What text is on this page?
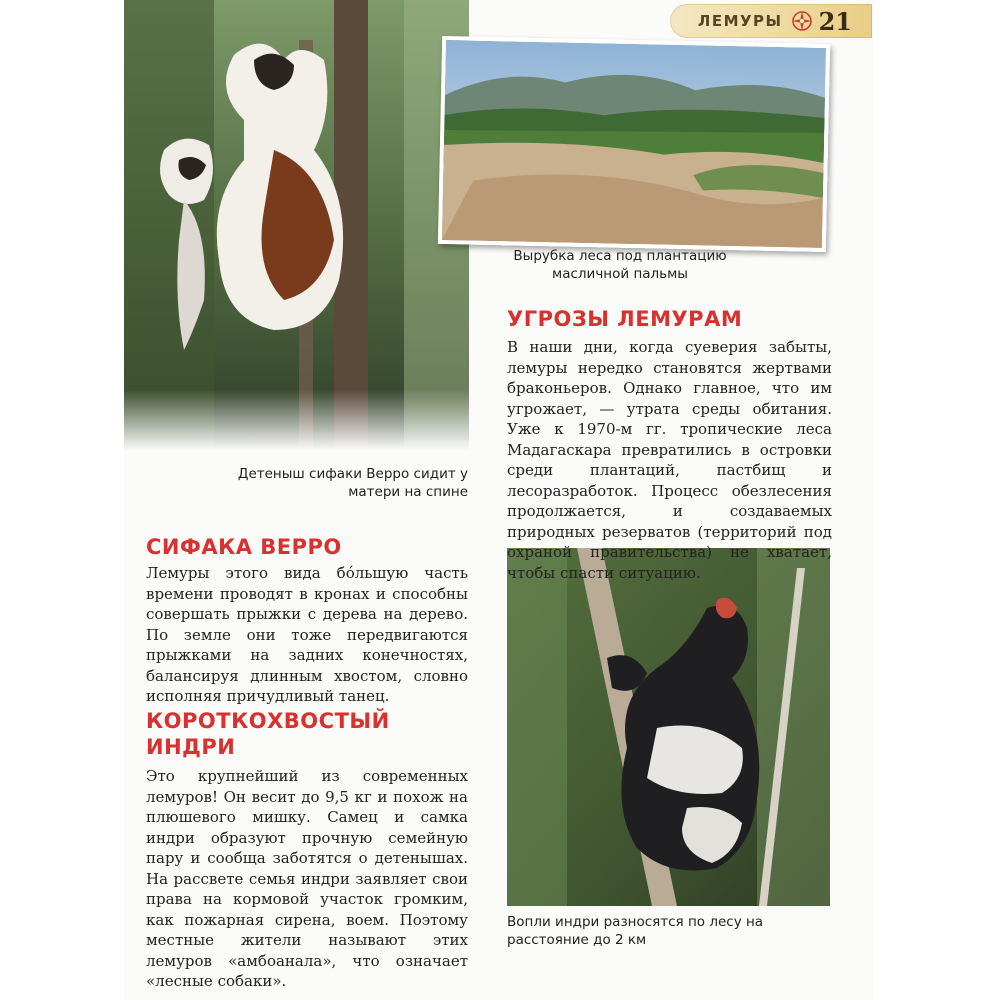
ЛЕМУРЫ 21
Вырубка леса под плантацию масличной пальмы
Детеныш сифаки Верро сидит у матери на спине
Вопли индри разносятся по лесу на расстояние до 2 км
УГРОЗЫ ЛЕМУРАМ
В наши дни, когда суеверия забыты, лемуры нередко становятся жертвами браконьеров. Однако главное, что им угрожает, — утрата среды обитания. Уже к 1970-м гг. тропические леса Мадагаскара превратились в островки среди плантаций, пастбищ и лесоразработок. Процесс обезлесения продолжается, и создаваемых природных резерватов (территорий под охраной правительства) не хватает, чтобы спасти ситуацию.
СИФАКА ВЕРРО
Лемуры этого вида бóльшую часть времени проводят в кронах и способны совершать прыжки с дерева на дерево. По земле они тоже передвигаются прыжками на задних конечностях, балансируя длинным хвостом, словно исполняя причудливый танец.
КОРОТКОХВОСТЫЙ ИНДРИ
Это крупнейший из современных лемуров! Он весит до 9,5 кг и похож на плюшевого мишку. Самец и самка индри образуют прочную семейную пару и сообща заботятся о детенышах. На рассвете семья индри заявляет свои права на кормовой участок громким, как пожарная сирена, воем. Поэтому местные жители называют этих лемуров «амбоанала», что означает «лесные собаки».
